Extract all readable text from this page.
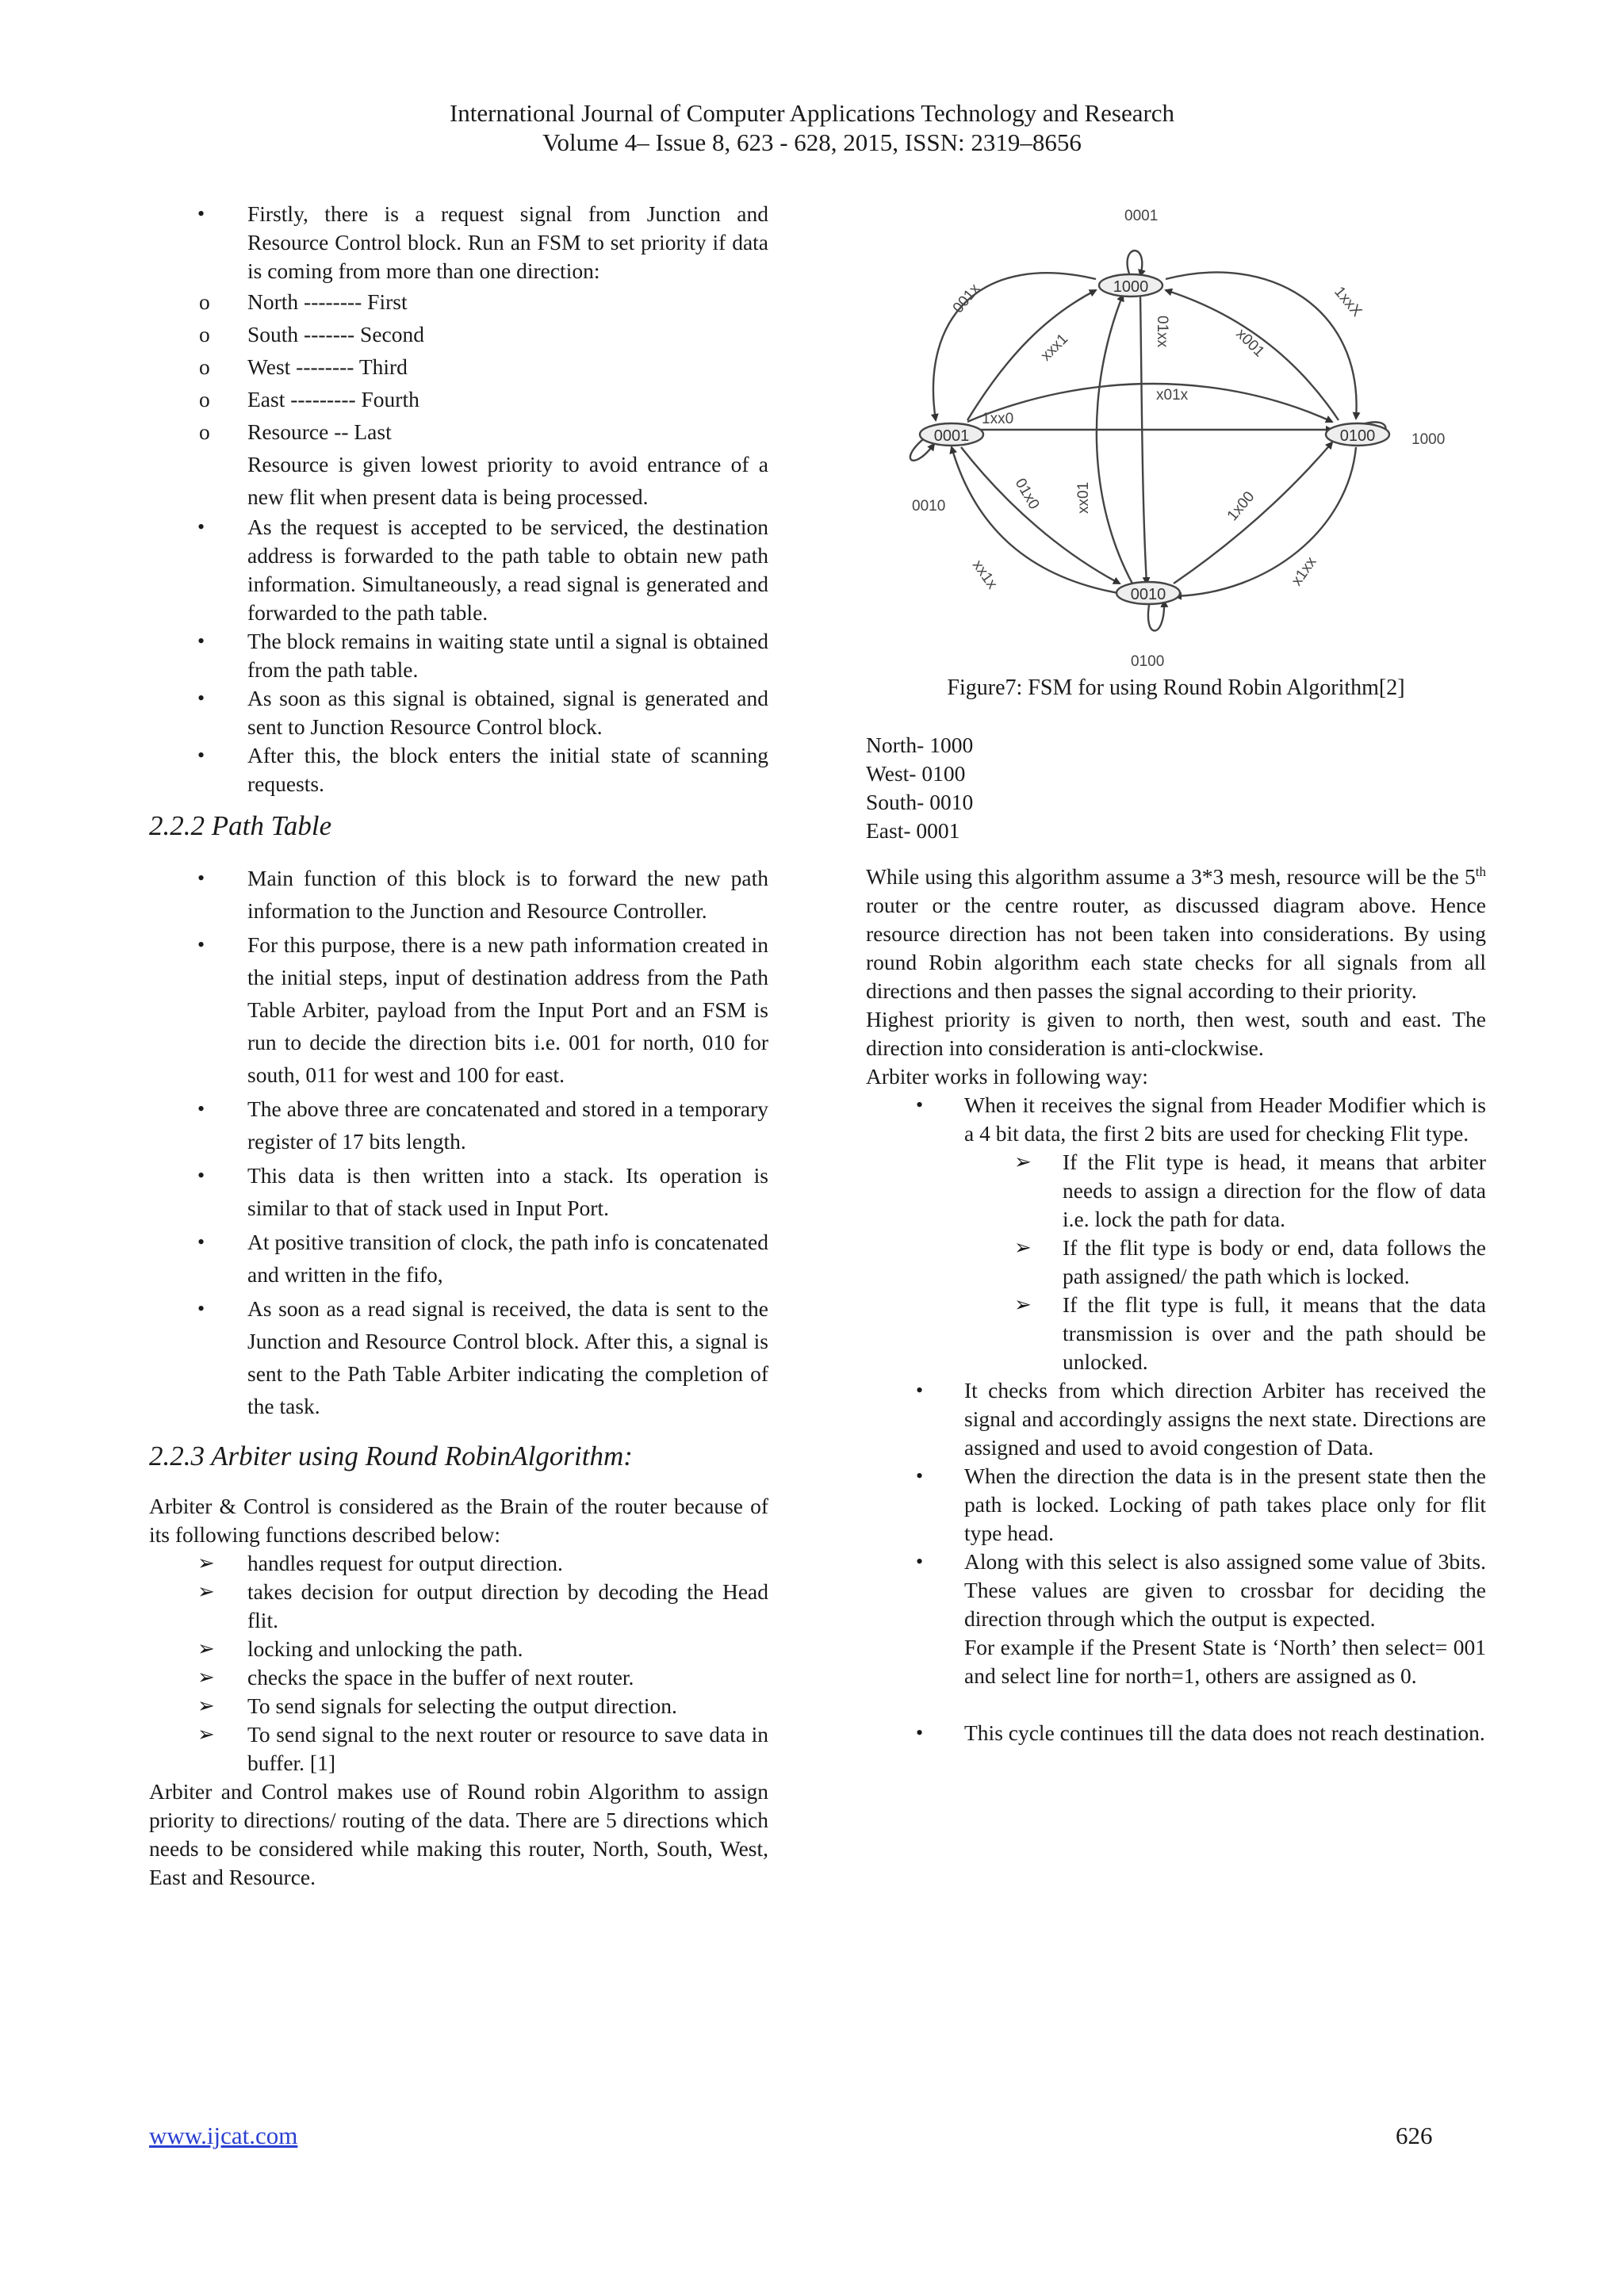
International Journal of Computer Applications Technology and Research
Volume 4– Issue 8, 623 - 628, 2015, ISSN: 2319–8656
• Firstly, there is a request signal from Junction and Resource Control block. Run an FSM to set priority if data is coming from more than one direction:
o North -------- First
o South ------- Second
o West -------- Third
o East --------- Fourth
o Resource -- Last

Resource is given lowest priority to avoid entrance of a new flit when present data is being processed.

• As the request is accepted to be serviced, the destination address is forwarded to the path table to obtain new path information. Simultaneously, a read signal is generated and forwarded to the path table.
• The block remains in waiting state until a signal is obtained from the path table.
• As soon as this signal is obtained, signal is generated and sent to Junction Resource Control block.
• After this, the block enters the initial state of scanning requests.
2.2.2 Path Table
• Main function of this block is to forward the new path information to the Junction and Resource Controller.
• For this purpose, there is a new path information created in the initial steps, input of destination address from the Path Table Arbiter, payload from the Input Port and an FSM is run to decide the direction bits i.e. 001 for north, 010 for south, 011 for west and 100 for east.
• The above three are concatenated and stored in a temporary register of 17 bits length.
• This data is then written into a stack. Its operation is similar to that of stack used in Input Port.
• At positive transition of clock, the path info is concatenated and written in the fifo,
• As soon as a read signal is received, the data is sent to the Junction and Resource Control block. After this, a signal is sent to the Path Table Arbiter indicating the completion of the task.
2.2.3 Arbiter using Round RobinAlgorithm:

Arbiter & Control is considered as the Brain of the router because of its following functions described below:

➢ handles request for output direction.
➢ takes decision for output direction by decoding the Head flit.
➢ locking and unlocking the path.
➢ checks the space in the buffer of next router.
➢ To send signals for selecting the output direction.
➢ To send signal to the next router or resource to save data in buffer. [1]

Arbiter and Control makes use of Round robin Algorithm to assign priority to directions/ routing of the data. There are 5 directions which needs to be considered while making this router, North, South, West, East and Resource.

1000
0100
0010
0001
0001
1000
0100
0010
001x
xxx1	01xx	x001
1xxX
x01x
1xx0
01x0 xx01	1x00
xx1x	x1xx
Figure7: FSM for using Round Robin Algorithm[2]
North- 1000
West- 0100
South- 0010
East- 0001

While using this algorithm assume a 3*3 mesh, resource will be the 5th router or the centre router, as discussed diagram above. Hence resource direction has not been taken into considerations. By using round Robin algorithm each state checks for all signals from all directions and then passes the signal according to their priority.

Highest priority is given to north, then west, south and east. The direction into consideration is anti-clockwise.

Arbiter works in following way:

• When it receives the signal from Header Modifier which is a 4 bit data, the first 2 bits are used for checking Flit type.
➢ If the Flit type is head, it means that arbiter needs to assign a direction for the flow of data i.e. lock the path for data.
➢ If the flit type is body or end, data follows the path assigned/ the path which is locked.
➢ If the flit type is full, it means that the data transmission is over and the path should be unlocked.
• It checks from which direction Arbiter has received the signal and accordingly assigns the next state. Directions are assigned and used to avoid congestion of Data.
• When the direction the data is in the present state then the path is locked. Locking of path takes place only for flit type head.
• Along with this select is also assigned some value of 3bits. These values are given to crossbar for deciding the direction through which the output is expected.

For example if the Present State is ‘North’ then select= 001 and select line for north=1, others are assigned as 0.

• This cycle continues till the data does not reach destination.
www.ijcat.com	626
